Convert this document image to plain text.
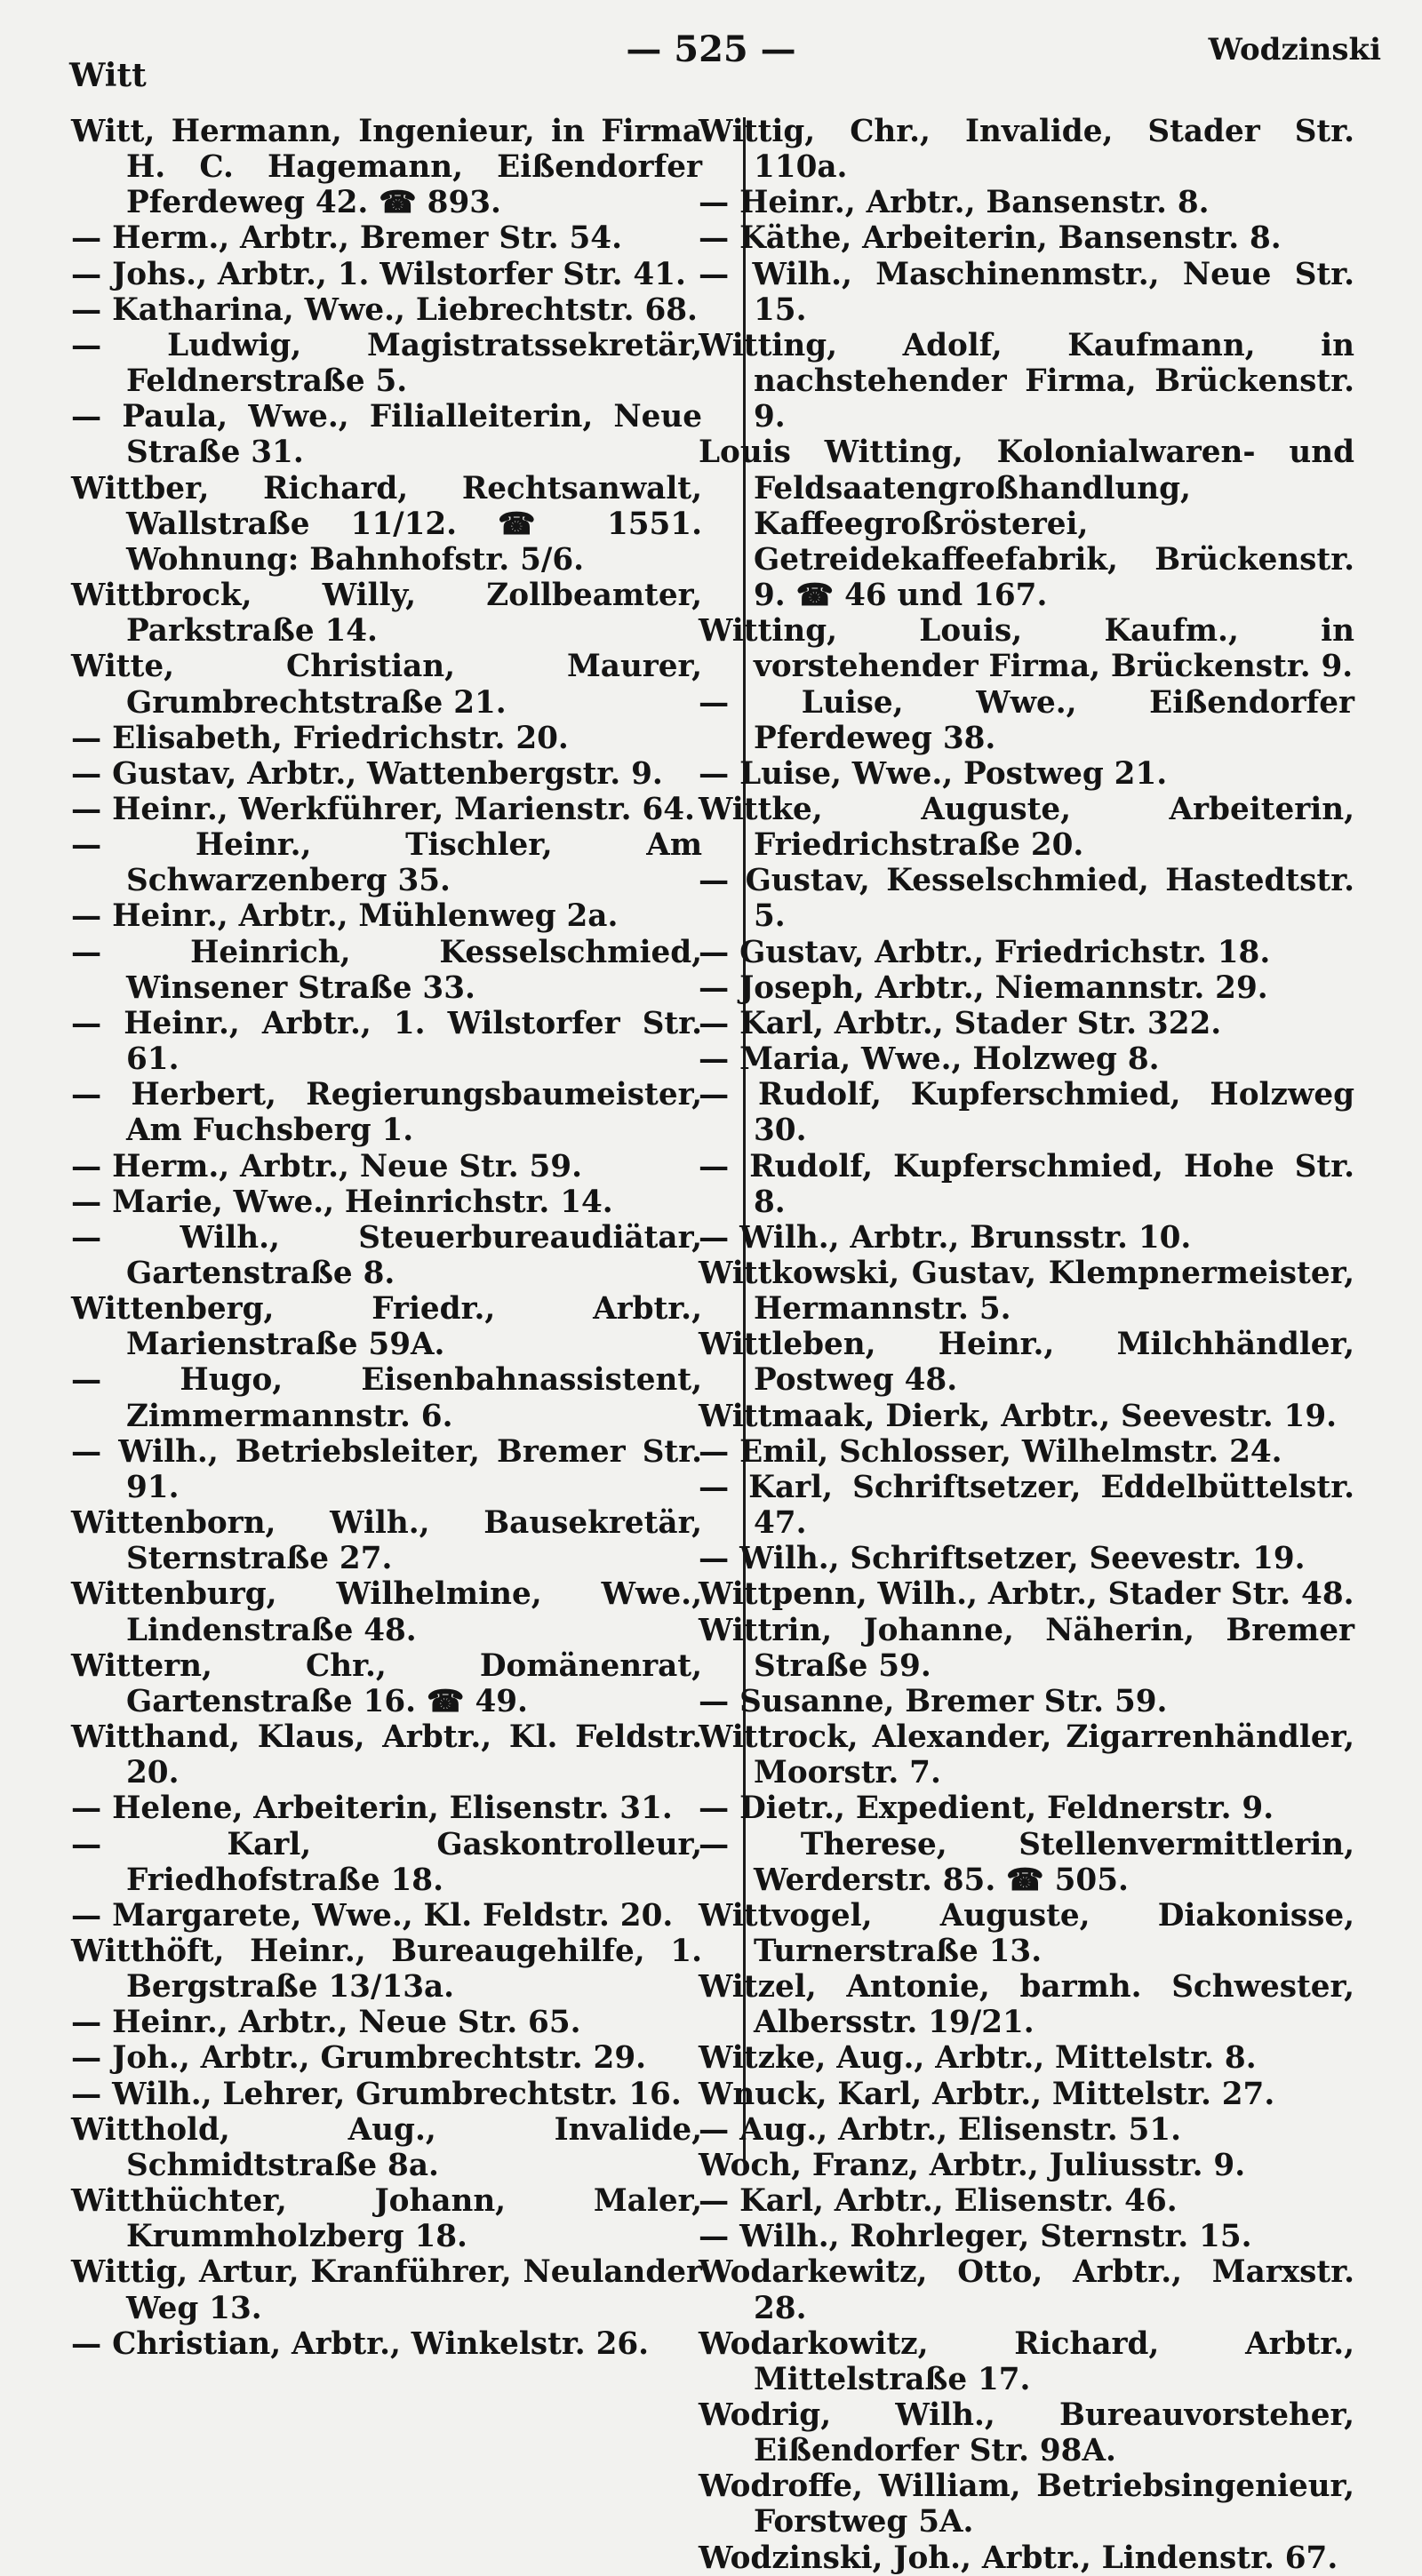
Witt
— 525 —	Wodzinski
Witt, Hermann, Ingenieur, in Firma H. C. Hagemann, Eißendorfer Pferdeweg 42. ☎ 893.
— Herm., Arbtr., Bremer Str. 54.
— Johs., Arbtr., 1. Wilstorfer Str. 41.
— Katharina, Wwe., Liebrechtstr. 68.
— Ludwig, Magistratssekretär, Feldnerstraße 5.
— Paula, Wwe., Filialleiterin, Neue Straße 31.
Wittber, Richard, Rechtsanwalt, Wallstraße 11/12. ☎ 1551. Wohnung: Bahnhofstr. 5/6.
Wittbrock, Willy, Zollbeamter, Parkstraße 14.
Witte, Christian, Maurer, Grumbrechtstraße 21.
— Elisabeth, Friedrichstr. 20.
— Gustav, Arbtr., Wattenbergstr. 9.
— Heinr., Werkführer, Marienstr. 64.
— Heinr., Tischler, Am Schwarzenberg 35.
— Heinr., Arbtr., Mühlenweg 2a.
— Heinrich, Kesselschmied, Winsener Straße 33.
— Heinr., Arbtr., 1. Wilstorfer Str. 61.
— Herbert, Regierungsbaumeister, Am Fuchsberg 1.
— Herm., Arbtr., Neue Str. 59.
— Marie, Wwe., Heinrichstr. 14.
— Wilh., Steuerbureaudiätar, Gartenstraße 8.
Wittenberg, Friedr., Arbtr., Marienstraße 59A.
— Hugo, Eisenbahnassistent, Zimmermannstr. 6.
— Wilh., Betriebsleiter, Bremer Str. 91.
Wittenborn, Wilh., Bausekretär, Sternstraße 27.
Wittenburg, Wilhelmine, Wwe., Lindenstraße 48.
Wittern, Chr., Domänenrat, Gartenstraße 16. ☎ 49.
Witthand, Klaus, Arbtr., Kl. Feldstr. 20.
— Helene, Arbeiterin, Elisenstr. 31.
— Karl, Gaskontrolleur, Friedhofstraße 18.
— Margarete, Wwe., Kl. Feldstr. 20.
Witthöft, Heinr., Bureaugehilfe, 1. Bergstraße 13/13a.
— Heinr., Arbtr., Neue Str. 65.
— Joh., Arbtr., Grumbrechtstr. 29.
— Wilh., Lehrer, Grumbrechtstr. 16.
Witthold, Aug., Invalide, Schmidtstraße 8a.
Witthüchter, Johann, Maler, Krummholzberg 18.
Wittig, Artur, Kranführer, Neulander Weg 13.
— Christian, Arbtr., Winkelstr. 26.
Wittig, Chr., Invalide, Stader Str. 110a.
— Heinr., Arbtr., Bansenstr. 8.
— Käthe, Arbeiterin, Bansenstr. 8.
— Wilh., Maschinenmstr., Neue Str. 15.
Witting, Adolf, Kaufmann, in nachstehender Firma, Brückenstr. 9.
Louis Witting, Kolonialwaren- und Feldsaatengroßhandlung, Kaffeegroßrösterei, Getreidekaffeefabrik, Brückenstr. 9. ☎ 46 und 167.
Witting, Louis, Kaufm., in vorstehender Firma, Brückenstr. 9.
— Luise, Wwe., Eißendorfer Pferdeweg 38.
— Luise, Wwe., Postweg 21.
Wittke, Auguste, Arbeiterin, Friedrichstraße 20.
— Gustav, Kesselschmied, Hastedtstr. 5.
— Gustav, Arbtr., Friedrichstr. 18.
— Joseph, Arbtr., Niemannstr. 29.
— Karl, Arbtr., Stader Str. 322.
— Maria, Wwe., Holzweg 8.
— Rudolf, Kupferschmied, Holzweg 30.
— Rudolf, Kupferschmied, Hohe Str. 8.
— Wilh., Arbtr., Brunsstr. 10.
Wittkowski, Gustav, Klempnermeister, Hermannstr. 5.
Wittleben, Heinr., Milchhändler, Postweg 48.
Wittmaak, Dierk, Arbtr., Seevestr. 19.
— Emil, Schlosser, Wilhelmstr. 24.
— Karl, Schriftsetzer, Eddelbüttelstr. 47.
— Wilh., Schriftsetzer, Seevestr. 19.
Wittpenn, Wilh., Arbtr., Stader Str. 48.
Wittrin, Johanne, Näherin, Bremer Straße 59.
— Susanne, Bremer Str. 59.
Wittrock, Alexander, Zigarrenhändler, Moorstr. 7.
— Dietr., Expedient, Feldnerstr. 9.
— Therese, Stellenvermittlerin, Werderstr. 85. ☎ 505.
Wittvogel, Auguste, Diakonisse, Turnerstraße 13.
Witzel, Antonie, barmh. Schwester, Albersstr. 19/21.
Witzke, Aug., Arbtr., Mittelstr. 8.
Wnuck, Karl, Arbtr., Mittelstr. 27.
— Aug., Arbtr., Elisenstr. 51.
Woch, Franz, Arbtr., Juliusstr. 9.
— Karl, Arbtr., Elisenstr. 46.
— Wilh., Rohrleger, Sternstr. 15.
Wodarkewitz, Otto, Arbtr., Marxstr. 28.
Wodarkowitz, Richard, Arbtr., Mittelstraße 17.
Wodrig, Wilh., Bureauvorsteher, Eißendorfer Str. 98A.
Wodroffe, William, Betriebsingenieur, Forstweg 5A.
Wodzinski, Joh., Arbtr., Lindenstr. 67.
